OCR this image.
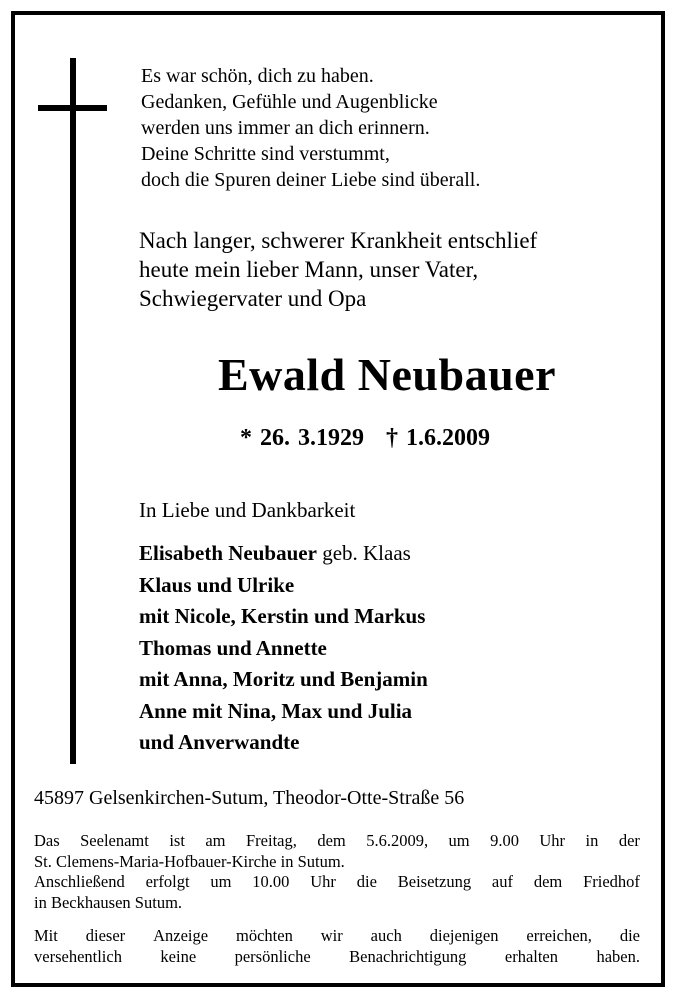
Es war schön, dich zu haben.
Gedanken, Gefühle und Augenblicke
werden uns immer an dich erinnern.
Deine Schritte sind verstummt,
doch die Spuren deiner Liebe sind überall.
Nach langer, schwerer Krankheit entschlief
heute mein lieber Mann, unser Vater,
Schwiegervater und Opa
Ewald Neubauer
* 26. 3.1929 † 1.6.2009
In Liebe und Dankbarkeit
Elisabeth Neubauer geb. Klaas
Klaus und Ulrike
mit Nicole, Kerstin und Markus
Thomas und Annette
mit Anna, Moritz und Benjamin
Anne mit Nina, Max und Julia
und Anverwandte
45897 Gelsenkirchen-Sutum, Theodor-Otte-Straße 56
Das Seelenamt ist am Freitag, dem 5.6.2009, um 9.00 Uhr in der
St. Clemens-Maria-Hofbauer-Kirche in Sutum.
Anschließend erfolgt um 10.00 Uhr die Beisetzung auf dem Friedhof
in Beckhausen Sutum.
Mit dieser Anzeige möchten wir auch diejenigen erreichen, die
versehentlich keine persönliche Benachrichtigung erhalten haben.
